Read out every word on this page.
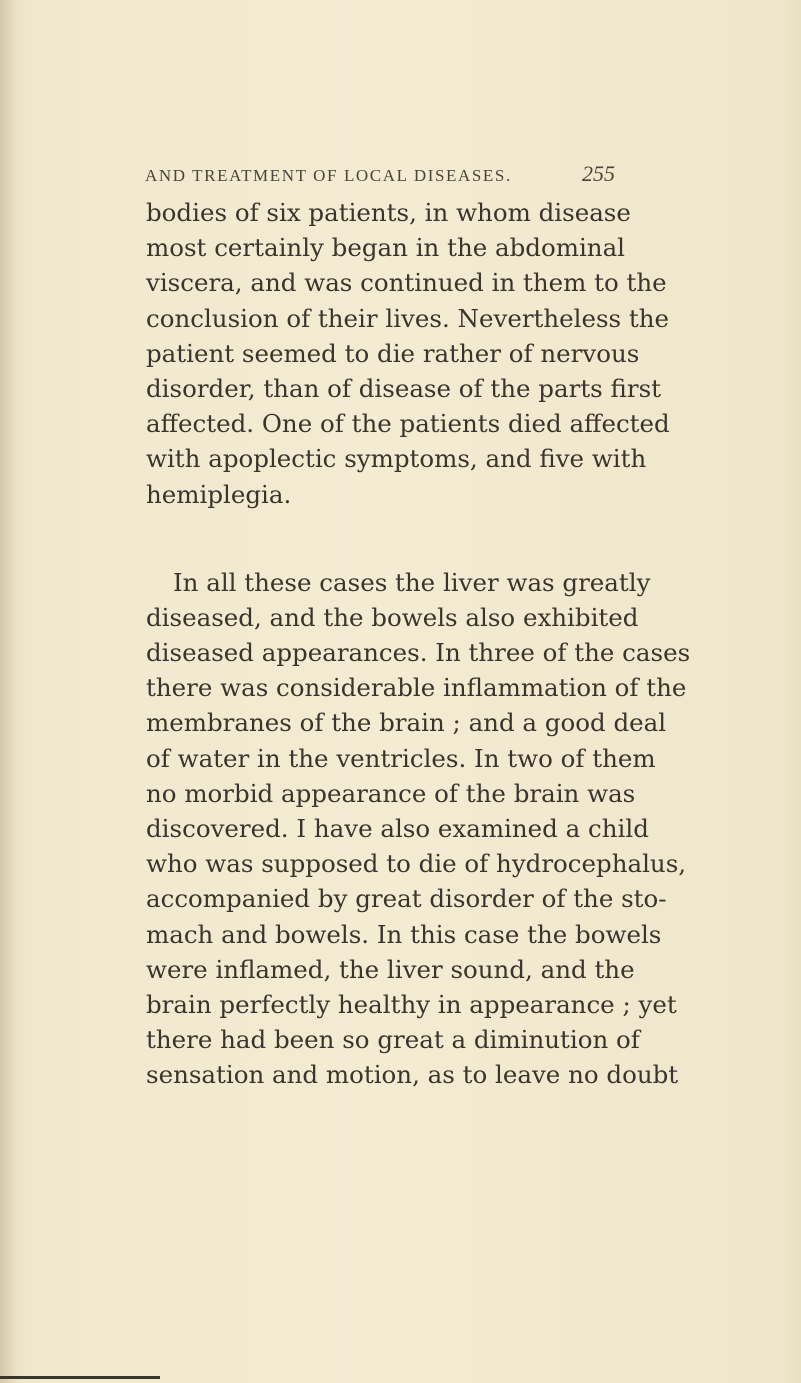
AND TREATMENT OF LOCAL DISEASES.	255
bodies of six patients, in whom disease
most certainly began in the abdominal
viscera, and was continued in them to the
conclusion of their lives. Nevertheless the
patient seemed to die rather of nervous
disorder, than of disease of the parts first
affected. One of the patients died affected
with apoplectic symptoms, and five with
hemiplegia.
In all these cases the liver was greatly
diseased, and the bowels also exhibited
diseased appearances. In three of the cases
there was considerable inflammation of the
membranes of the brain ; and a good deal
of water in the ventricles. In two of them
no morbid appearance of the brain was
discovered. I have also examined a child
who was supposed to die of hydrocephalus,
accompanied by great disorder of the sto-
mach and bowels. In this case the bowels
were inflamed, the liver sound, and the
brain perfectly healthy in appearance ; yet
there had been so great a diminution of
sensation and motion, as to leave no doubt
